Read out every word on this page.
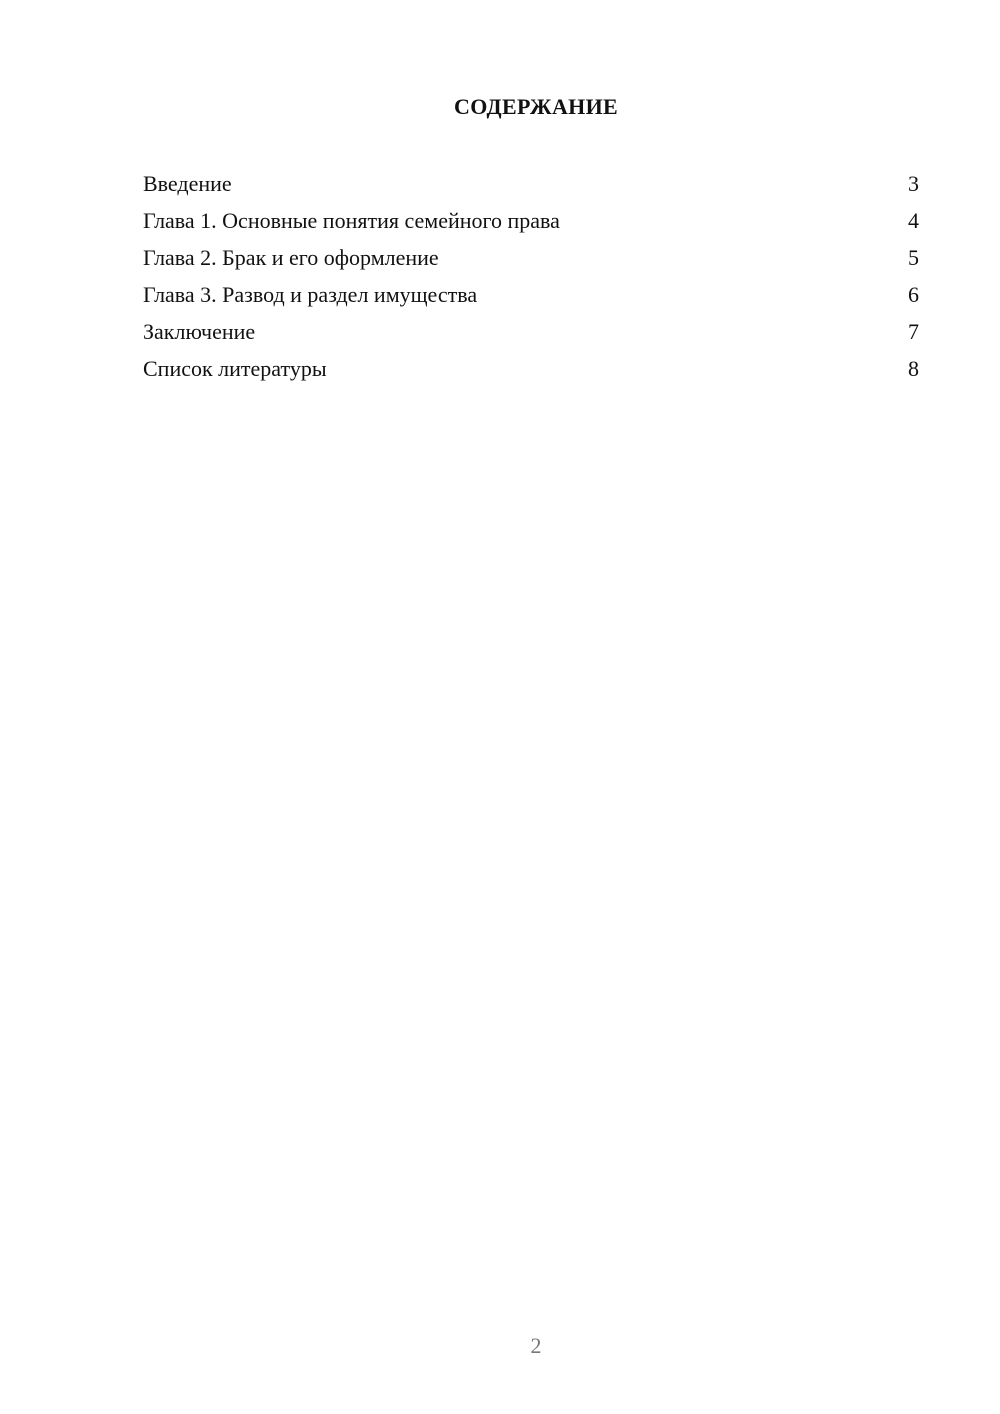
СОДЕРЖАНИЕ
Введение	3
Глава 1. Основные понятия семейного права	4
Глава 2. Брак и его оформление	5
Глава 3. Развод и раздел имущества	6
Заключение	7
Список литературы	8
2
